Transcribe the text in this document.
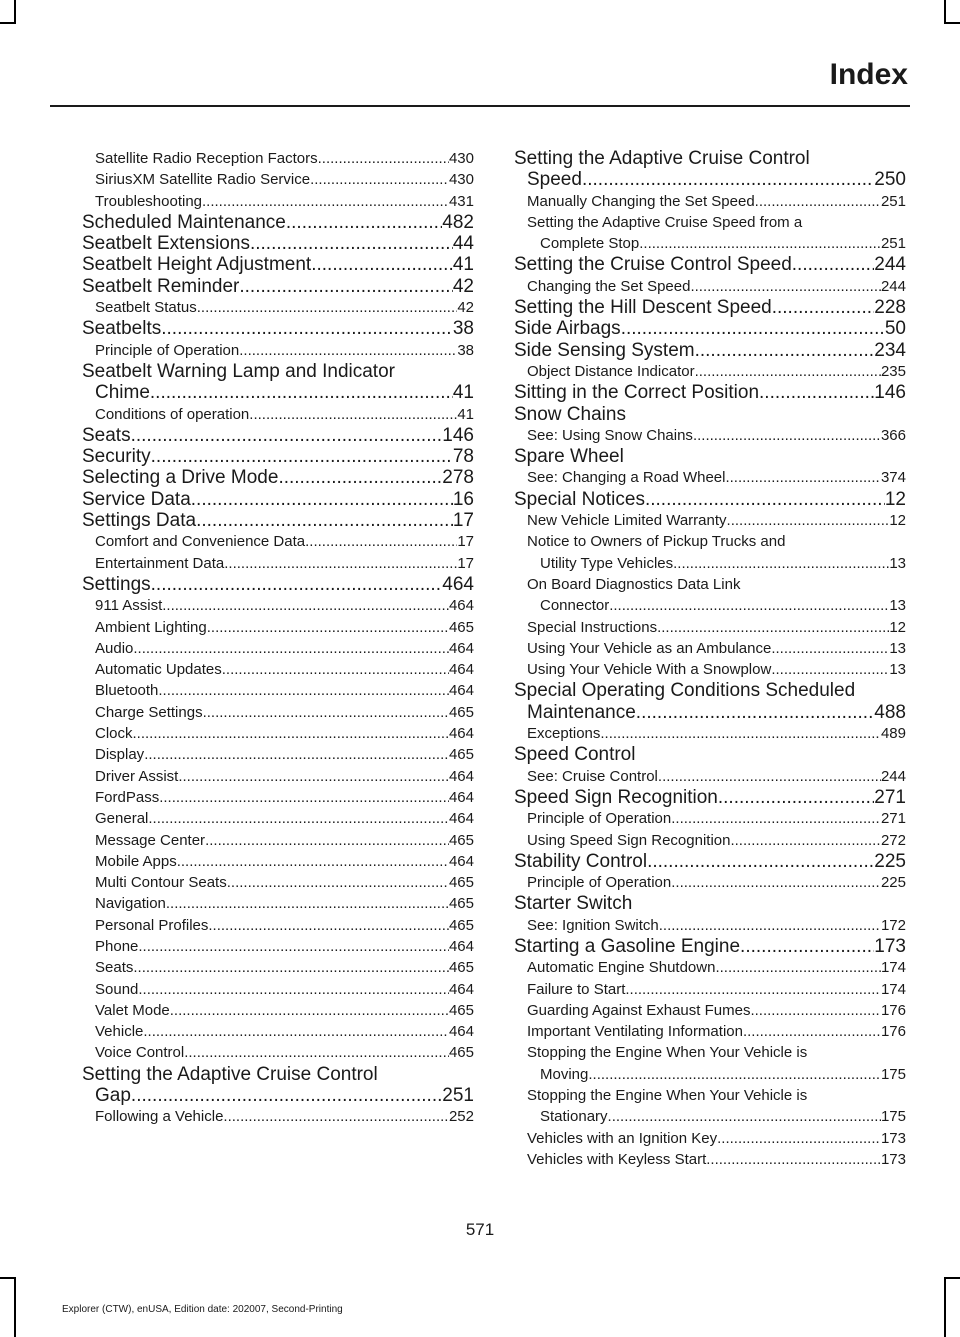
Index
Satellite Radio Reception Factors .....	430
SiriusXM Satellite Radio Service .....	430
Troubleshooting .....	431
Scheduled Maintenance .....	482
Seatbelt Extensions .....	44
Seatbelt Height Adjustment .....	41
Seatbelt Reminder .....	42
Seatbelt Status .....	42
Seatbelts .....	38
Principle of Operation .....	38
Seatbelt Warning Lamp and Indicator
Chime .....	41
Conditions of operation .....	41
Seats .....	146
Security .....	78
Selecting a Drive Mode .....	278
Service Data .....	16
Settings Data .....	17
Comfort and Convenience Data .....	17
Entertainment Data .....	17
Settings .....	464
911 Assist .....	464
Ambient Lighting .....	465
Audio .....	464
Automatic Updates .....	464
Bluetooth .....	464
Charge Settings .....	465
Clock .....	464
Display .....	465
Driver Assist .....	464
FordPass .....	464
General .....	464
Message Center .....	465
Mobile Apps .....	464
Multi Contour Seats .....	465
Navigation .....	465
Personal Profiles .....	465
Phone .....	464
Seats .....	465
Sound .....	464
Valet Mode .....	465
Vehicle .....	464
Voice Control .....	465
Setting the Adaptive Cruise Control
Gap .....	251
Following a Vehicle .....	252
Setting the Adaptive Cruise Control
Speed .....	250
Manually Changing the Set Speed .....	251
Setting the Adaptive Cruise Speed from a
Complete Stop .....	251
Setting the Cruise Control Speed .....	244
Changing the Set Speed .....	244
Setting the Hill Descent Speed .....	228
Side Airbags .....	50
Side Sensing System .....	234
Object Distance Indicator .....	235
Sitting in the Correct Position .....	146
Snow Chains
See: Using Snow Chains .....	366
Spare Wheel
See: Changing a Road Wheel .....	374
Special Notices .....	12
New Vehicle Limited Warranty .....	12
Notice to Owners of Pickup Trucks and
Utility Type Vehicles .....	13
On Board Diagnostics Data Link
Connector .....	13
Special Instructions .....	12
Using Your Vehicle as an Ambulance .....	13
Using Your Vehicle With a Snowplow .....	13
Special Operating Conditions Scheduled
Maintenance .....	488
Exceptions .....	489
Speed Control
See: Cruise Control .....	244
Speed Sign Recognition .....	271
Principle of Operation .....	271
Using Speed Sign Recognition .....	272
Stability Control .....	225
Principle of Operation .....	225
Starter Switch
See: Ignition Switch .....	172
Starting a Gasoline Engine .....	173
Automatic Engine Shutdown .....	174
Failure to Start .....	174
Guarding Against Exhaust Fumes .....	176
Important Ventilating Information .....	176
Stopping the Engine When Your Vehicle is
Moving .....	175
Stopping the Engine When Your Vehicle is
Stationary .....	175
Vehicles with an Ignition Key .....	173
Vehicles with Keyless Start .....	173
571
Explorer (CTW), enUSA, Edition date: 202007, Second-Printing
